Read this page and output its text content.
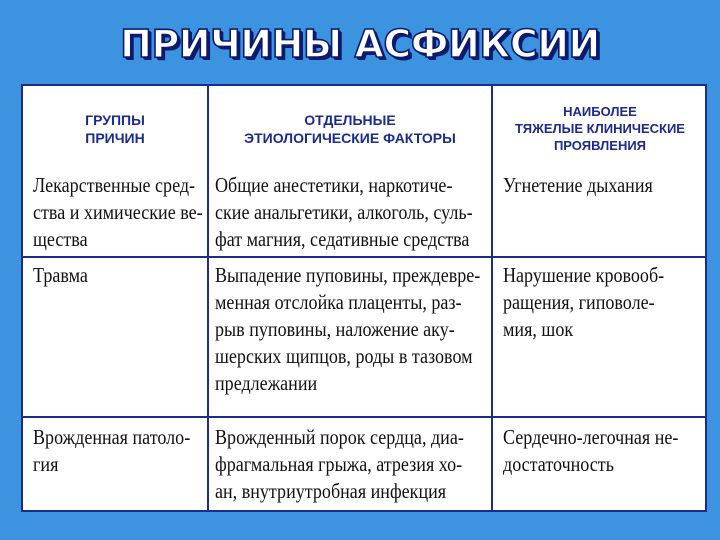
ПРИЧИНЫ АСФИКСИИ
ГРУППЫ
ПРИЧИН
ОТДЕЛЬНЫЕ
ЭТИОЛОГИЧЕСКИЕ ФАКТОРЫ
НАИБОЛЕЕ
ТЯЖЕЛЫЕ КЛИНИЧЕСКИЕ
ПРОЯВЛЕНИЯ
Лекарственные сред-
ства и химические ве-
щества
Общие анестетики, наркотиче-
ские анальгетики, алкоголь, суль-
фат магния, седативные средства
Угнетение дыхания
Травма	Выпадение пуповины, преждевре-
менная отслойка плаценты, раз-
рыв пуповины, наложение аку-
шерских щипцов, роды в тазовом
предлежании
Нарушение кровооб-
ращения, гиповоле-
мия, шок
Врожденная патоло-
гия
Врожденный порок сердца, диа-
фрагмальная грыжа, атрезия хо-
ан, внутриутробная инфекция
Сердечно-легочная не-
достаточность
